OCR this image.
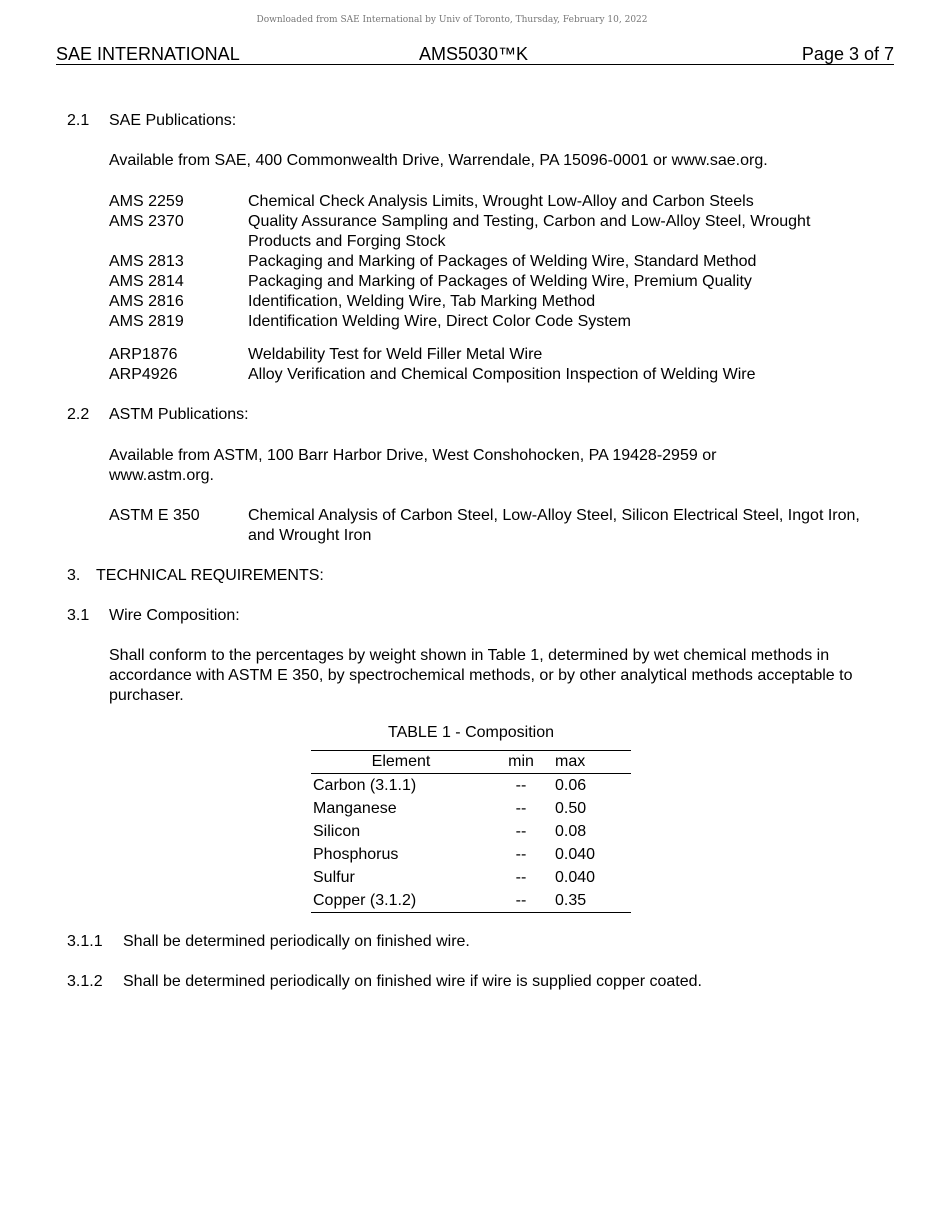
Downloaded from SAE International by Univ of Toronto, Thursday, February 10, 2022
SAE INTERNATIONAL	AMS5030™K	Page 3 of 7
2.1 SAE Publications:
Available from SAE, 400 Commonwealth Drive, Warrendale, PA 15096-0001 or www.sae.org.
AMS 2259	Chemical Check Analysis Limits, Wrought Low-Alloy and Carbon Steels
AMS 2370	Quality Assurance Sampling and Testing, Carbon and Low-Alloy Steel, Wrought Products and Forging Stock
AMS 2813	Packaging and Marking of Packages of Welding Wire, Standard Method
AMS 2814	Packaging and Marking of Packages of Welding Wire, Premium Quality
AMS 2816	Identification, Welding Wire, Tab Marking Method
AMS 2819	Identification Welding Wire, Direct Color Code System
ARP1876	Weldability Test for Weld Filler Metal Wire
ARP4926	Alloy Verification and Chemical Composition Inspection of Welding Wire
2.2 ASTM Publications:
Available from ASTM, 100 Barr Harbor Drive, West Conshohocken, PA 19428-2959 or www.astm.org.
ASTM E 350	Chemical Analysis of Carbon Steel, Low-Alloy Steel, Silicon Electrical Steel, Ingot Iron, and Wrought Iron
3. TECHNICAL REQUIREMENTS:
3.1 Wire Composition:
Shall conform to the percentages by weight shown in Table 1, determined by wet chemical methods in accordance with ASTM E 350, by spectrochemical methods, or by other analytical methods acceptable to purchaser.
TABLE 1 - Composition
Element	min	max
Carbon (3.1.1)	--	0.06
Manganese	--	0.50
Silicon	--	0.08
Phosphorus	--	0.040
Sulfur	--	0.040
Copper (3.1.2)	--	0.35
3.1.1 Shall be determined periodically on finished wire.
3.1.2 Shall be determined periodically on finished wire if wire is supplied copper coated.
